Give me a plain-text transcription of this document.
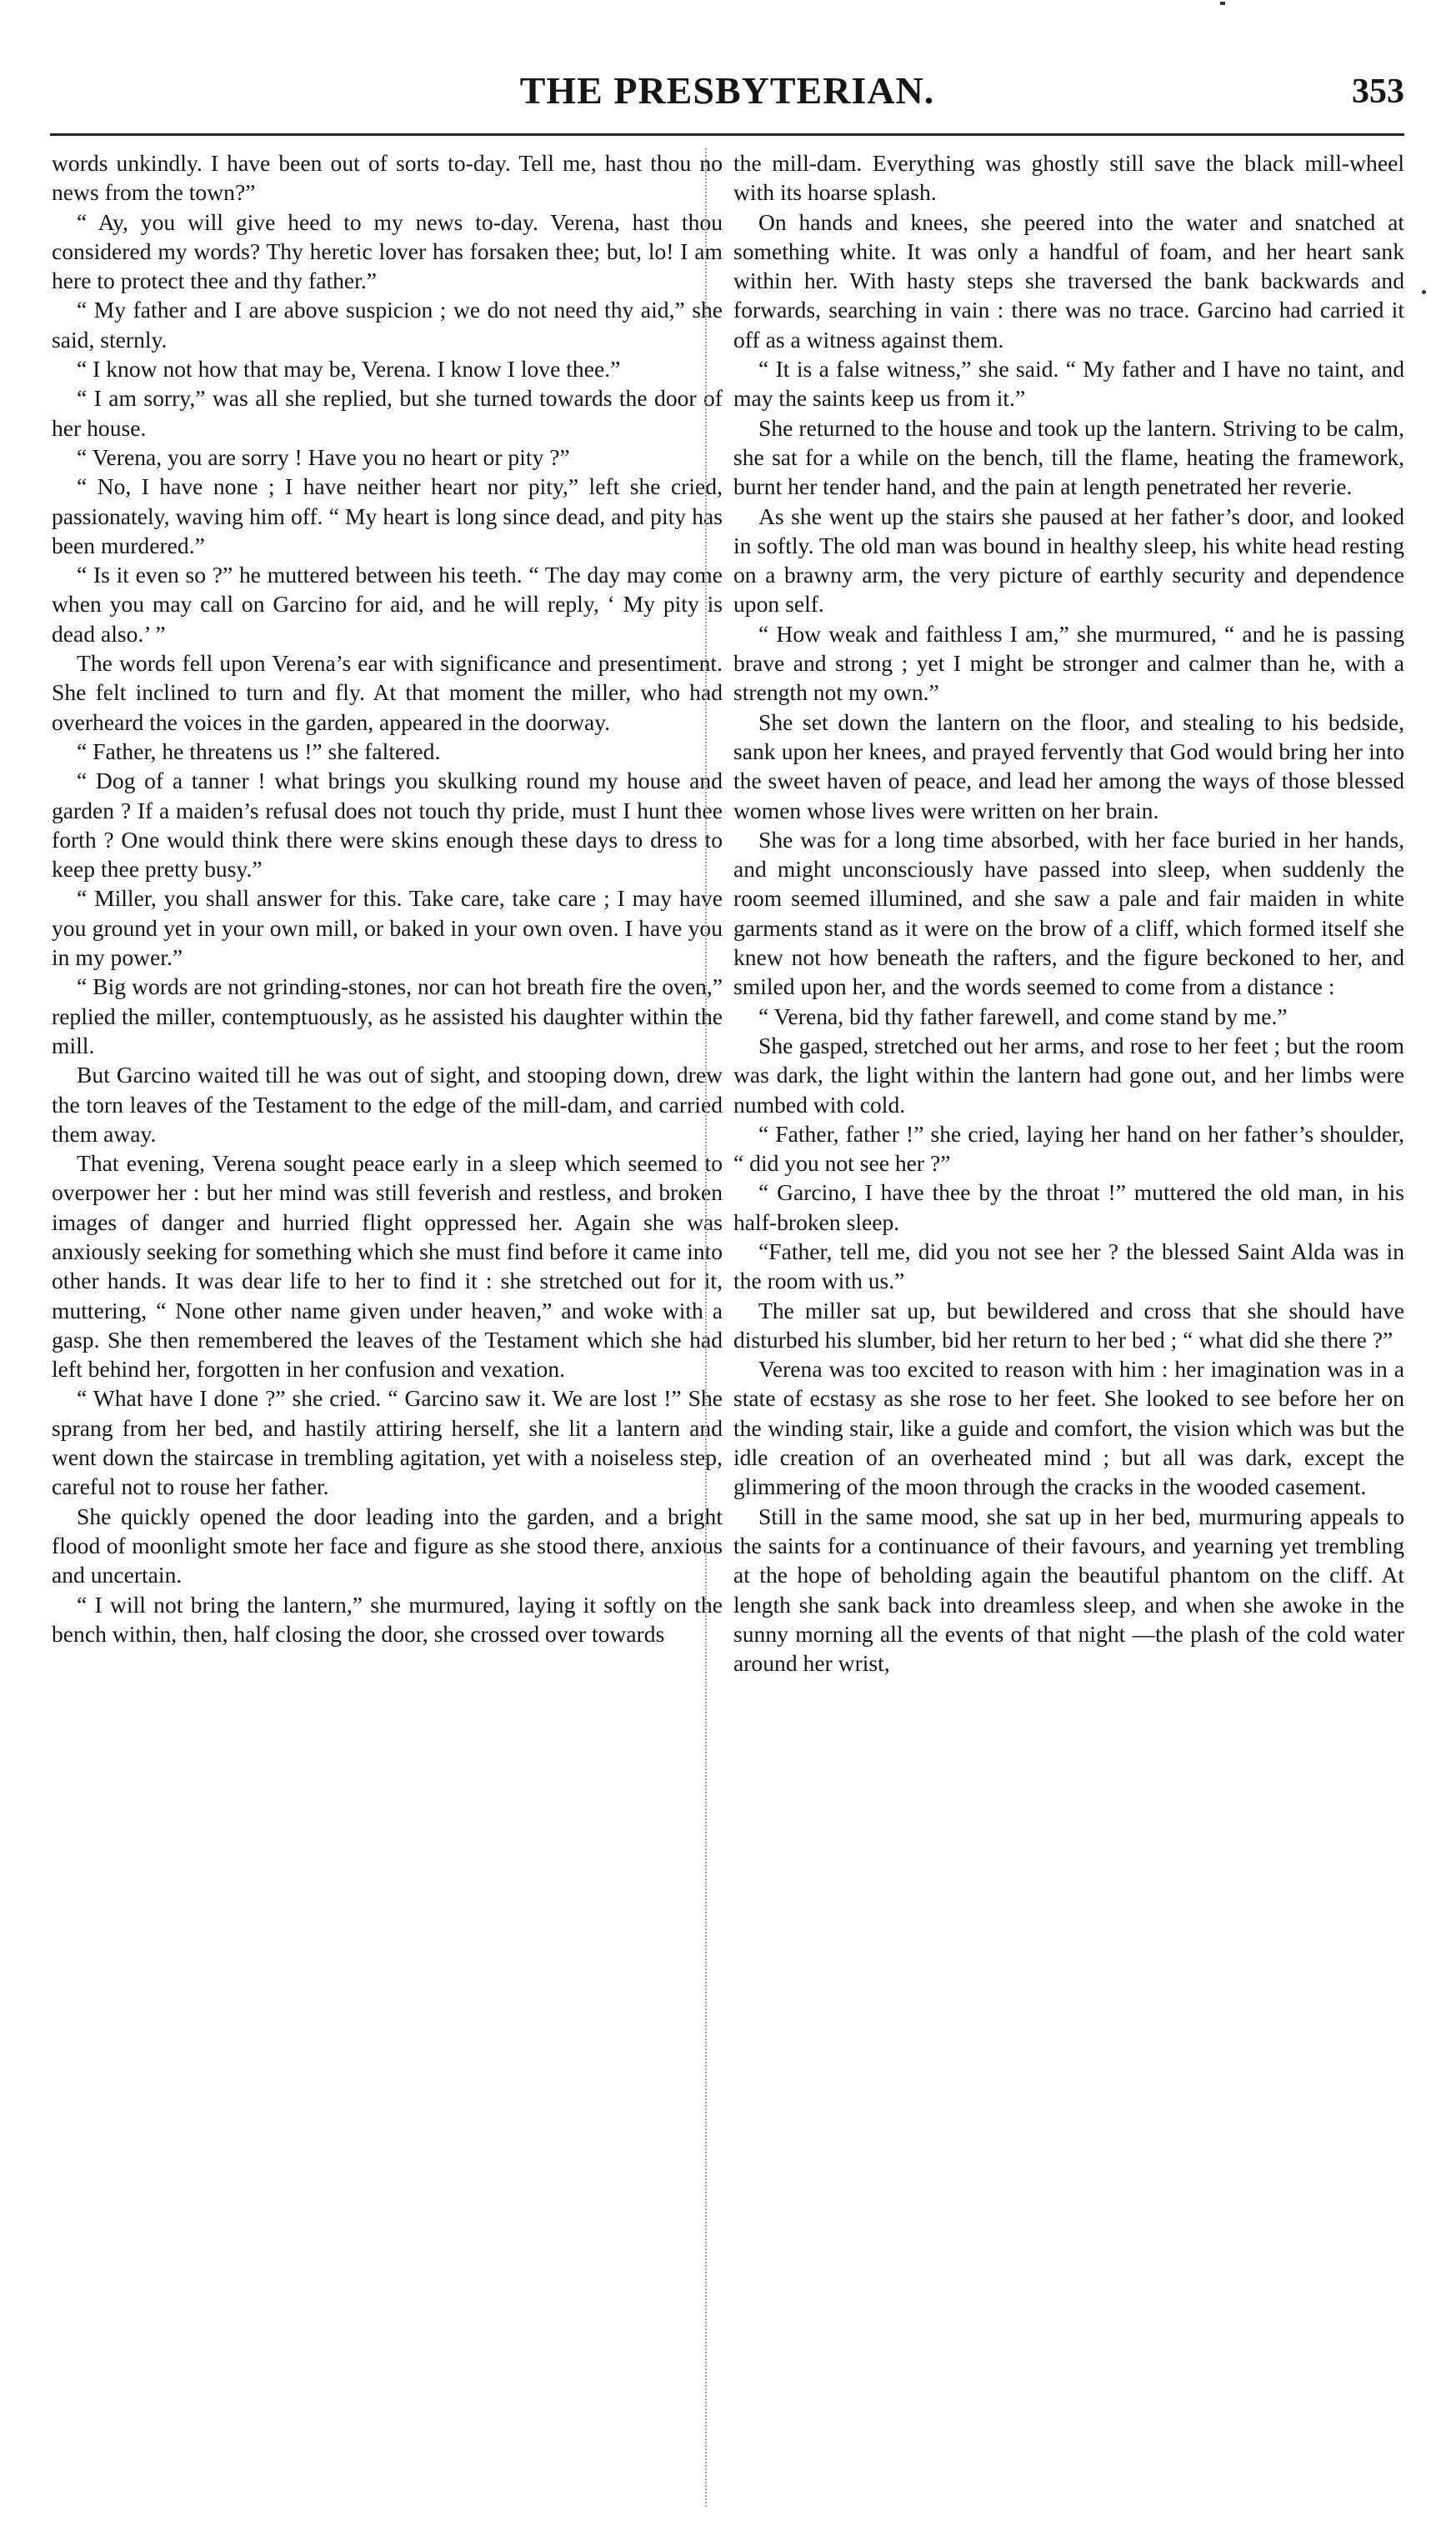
THE PRESBYTERIAN.	353

words unkindly. I have been out of sorts to-day. Tell me, hast thou no news from the town?”

“ Ay, you will give heed to my news to-day. Verena, hast thou considered my words? Thy heretic lover has forsaken thee; but, lo! I am here to protect thee and thy father.”

“ My father and I are above suspicion ; we do not need thy aid,” she said, sternly.

“ I know not how that may be, Verena. I know I love thee.”

“ I am sorry,” was all she replied, but she turned towards the door of her house.

“ Verena, you are sorry ! Have you no heart or pity ?”

“ No, I have none ; I have neither heart nor pity,” left she cried, passionately, waving him off. “ My heart is long since dead, and pity has been murdered.”

“ Is it even so ?” he muttered between his teeth. “ The day may come when you may call on Garcino for aid, and he will reply, ‘ My pity is dead also.’ ”

The words fell upon Verena’s ear with significance and presentiment. She felt inclined to turn and fly. At that moment the miller, who had overheard the voices in the garden, appeared in the doorway.

“ Father, he threatens us !” she faltered.

“ Dog of a tanner ! what brings you skulking round my house and garden ? If a maiden’s refusal does not touch thy pride, must I hunt thee forth ? One would think there were skins enough these days to dress to keep thee pretty busy.”

“ Miller, you shall answer for this. Take care, take care ; I may have you ground yet in your own mill, or baked in your own oven. I have you in my power.”

“ Big words are not grinding-stones, nor can hot breath fire the oven,” replied the miller, contemptuously, as he assisted his daughter within the mill.

But Garcino waited till he was out of sight, and stooping down, drew the torn leaves of the Testament to the edge of the mill-dam, and carried them away.

That evening, Verena sought peace early in a sleep which seemed to overpower her : but her mind was still feverish and restless, and broken images of danger and hurried flight oppressed her. Again she was anxiously seeking for something which she must find before it came into other hands. It was dear life to her to find it : she stretched out for it, muttering, “ None other name given under heaven,” and woke with a gasp. She then remembered the leaves of the Testament which she had left behind her, forgotten in her confusion and vexation.

“ What have I done ?” she cried. “ Garcino saw it. We are lost !” She sprang from her bed, and hastily attiring herself, she lit a lantern and went down the staircase in trembling agitation, yet with a noiseless step, careful not to rouse her father.

She quickly opened the door leading into the garden, and a bright flood of moonlight smote her face and figure as she stood there, anxious and uncertain.

“ I will not bring the lantern,” she murmured, laying it softly on the bench within, then, half closing the door, she crossed over towards

the mill-dam. Everything was ghostly still save the black mill-wheel with its hoarse splash.

On hands and knees, she peered into the water and snatched at something white. It was only a handful of foam, and her heart sank within her. With hasty steps she traversed the bank backwards and forwards, searching in vain : there was no trace. Garcino had carried it off as a witness against them.

“ It is a false witness,” she said. “ My father and I have no taint, and may the saints keep us from it.”

She returned to the house and took up the lantern. Striving to be calm, she sat for a while on the bench, till the flame, heating the framework, burnt her tender hand, and the pain at length penetrated her reverie.

As she went up the stairs she paused at her father’s door, and looked in softly. The old man was bound in healthy sleep, his white head resting on a brawny arm, the very picture of earthly security and dependence upon self.

“ How weak and faithless I am,” she murmured, “ and he is passing brave and strong ; yet I might be stronger and calmer than he, with a strength not my own.”

She set down the lantern on the floor, and stealing to his bedside, sank upon her knees, and prayed fervently that God would bring her into the sweet haven of peace, and lead her among the ways of those blessed women whose lives were written on her brain.

She was for a long time absorbed, with her face buried in her hands, and might unconsciously have passed into sleep, when suddenly the room seemed illumined, and she saw a pale and fair maiden in white garments stand as it were on the brow of a cliff, which formed itself she knew not how beneath the rafters, and the figure beckoned to her, and smiled upon her, and the words seemed to come from a distance :

“ Verena, bid thy father farewell, and come stand by me.”

She gasped, stretched out her arms, and rose to her feet ; but the room was dark, the light within the lantern had gone out, and her limbs were numbed with cold.

“ Father, father !” she cried, laying her hand on her father’s shoulder, “ did you not see her ?”

“ Garcino, I have thee by the throat !” muttered the old man, in his half-broken sleep.

“Father, tell me, did you not see her ? the blessed Saint Alda was in the room with us.”

The miller sat up, but bewildered and cross that she should have disturbed his slumber, bid her return to her bed ; “ what did she there ?”

Verena was too excited to reason with him : her imagination was in a state of ecstasy as she rose to her feet. She looked to see before her on the winding stair, like a guide and comfort, the vision which was but the idle creation of an overheated mind ; but all was dark, except the glimmering of the moon through the cracks in the wooded casement.

Still in the same mood, she sat up in her bed, murmuring appeals to the saints for a continuance of their favours, and yearning yet trembling at the hope of beholding again the beautiful phantom on the cliff. At length she sank back into dreamless sleep, and when she awoke in the sunny morning all the events of that night —the plash of the cold water around her wrist,
